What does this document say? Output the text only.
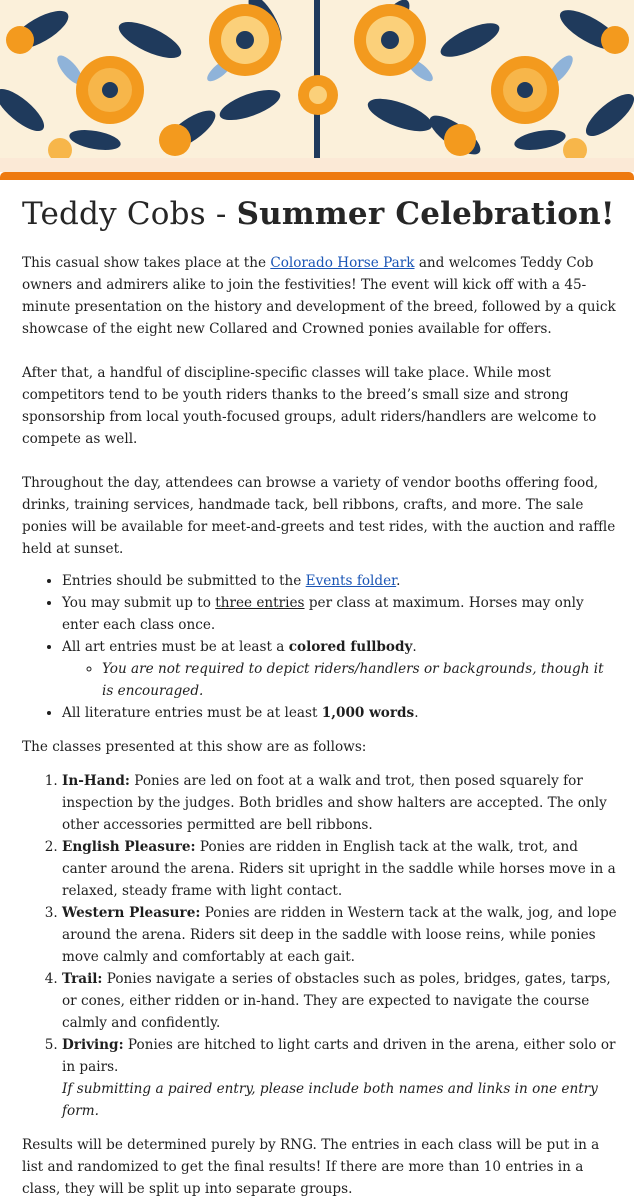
Teddy Cobs - Summer Celebration!

This casual show takes place at the Colorado Horse Park and welcomes Teddy Cob owners and admirers alike to join the festivities! The event will kick off with a 45-minute presentation on the history and development of the breed, followed by a quick showcase of the eight new Collared and Crowned ponies available for offers.

After that, a handful of discipline-specific classes will take place. While most competitors tend to be youth riders thanks to the breed’s small size and strong sponsorship from local youth-focused groups, adult riders/handlers are welcome to compete as well.

Throughout the day, attendees can browse a variety of vendor booths offering food, drinks, training services, handmade tack, bell ribbons, crafts, and more. The sale ponies will be available for meet-and-greets and test rides, with the auction and raffle held at sunset.

• Entries should be submitted to the Events folder.
• You may submit up to three entries per class at maximum. Horses may only enter each class once.
• All art entries must be at least a colored fullbody.
◦ You are not required to depict riders/handlers or backgrounds, though it is encouraged.
• All literature entries must be at least 1,000 words.

The classes presented at this show are as follows:

1. In-Hand: Ponies are led on foot at a walk and trot, then posed squarely for inspection by the judges. Both bridles and show halters are accepted. The only other accessories permitted are bell ribbons.
2. English Pleasure: Ponies are ridden in English tack at the walk, trot, and canter around the arena. Riders sit upright in the saddle while horses move in a relaxed, steady frame with light contact.
3. Western Pleasure: Ponies are ridden in Western tack at the walk, jog, and lope around the arena. Riders sit deep in the saddle with loose reins, while ponies move calmly and comfortably at each gait.
4. Trail: Ponies navigate a series of obstacles such as poles, bridges, gates, tarps, or cones, either ridden or in-hand. They are expected to navigate the course calmly and confidently.
5. Driving: Ponies are hitched to light carts and driven in the arena, either solo or in pairs.
If submitting a paired entry, please include both names and links in one entry form.

Results will be determined purely by RNG. The entries in each class will be put in a list and randomized to get the final results! If there are more than 10 entries in a class, they will be split up into separate groups.
